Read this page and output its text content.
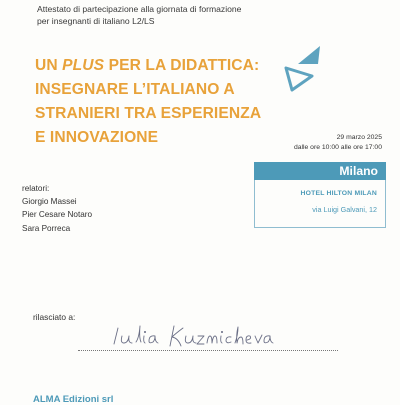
Attestato di partecipazione alla giornata di formazione
per insegnanti di italiano L2/LS
UN PLUS PER LA DIDATTICA:
INSEGNARE L’ITALIANO A
STRANIERI TRA ESPERIENZA
E INNOVAZIONE	29 marzo 2025
dalle ore 10:00 alle ore 17:00
Milano
HOTEL HILTON MILAN
via Luigi Galvani, 12
relatori:
Giorgio Massei
Pier Cesare Notaro
Sara Porreca
rilasciato a:
ALMA Edizioni srl
